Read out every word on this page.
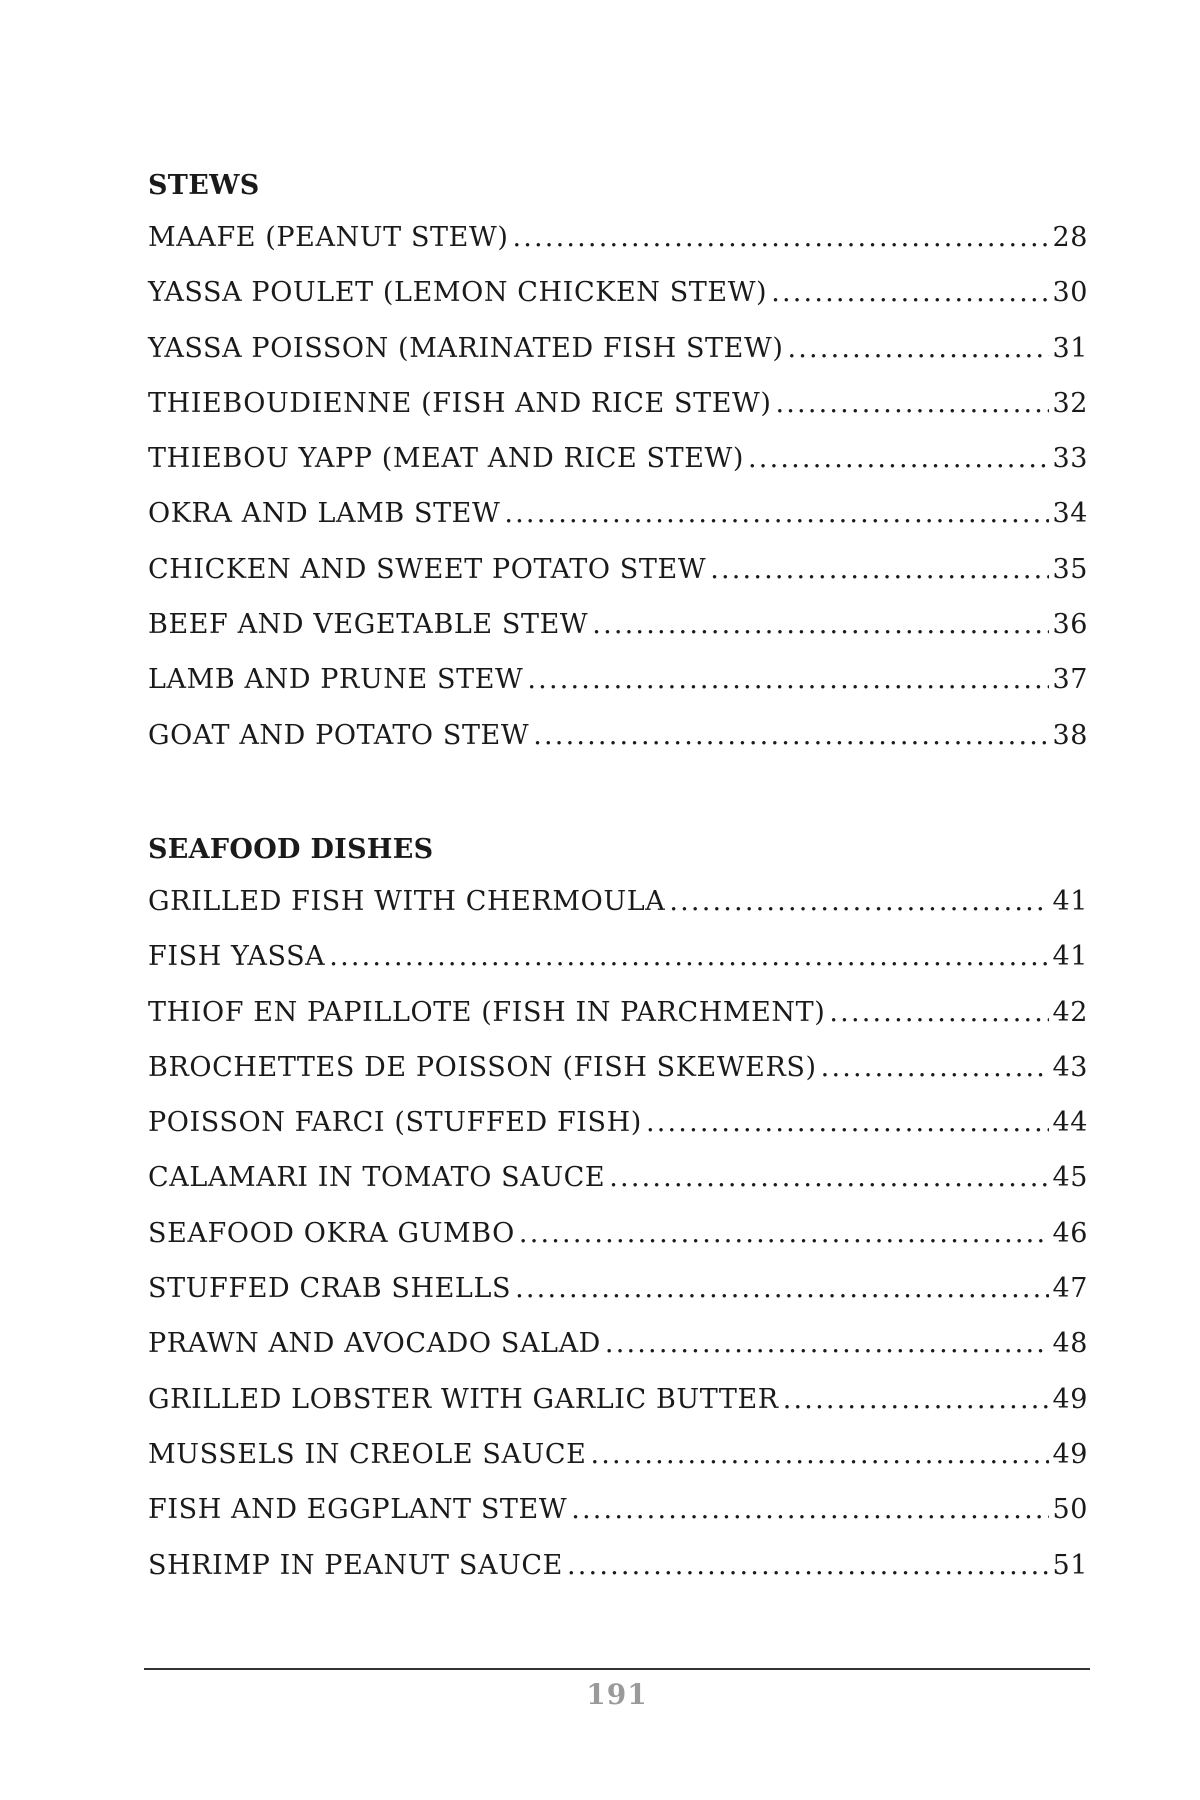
STEWS
MAAFE (PEANUT STEW) .....	28
YASSA POULET (LEMON CHICKEN STEW) .....	30
YASSA POISSON (MARINATED FISH STEW) .....	31
THIEBOUDIENNE (FISH AND RICE STEW) .....	32
THIEBOU YAPP (MEAT AND RICE STEW) .....	33
OKRA AND LAMB STEW .....	34
CHICKEN AND SWEET POTATO STEW .....	35
BEEF AND VEGETABLE STEW .....	36
LAMB AND PRUNE STEW .....	37
GOAT AND POTATO STEW .....	38
SEAFOOD DISHES
GRILLED FISH WITH CHERMOULA .....	41
FISH YASSA .....	41
THIOF EN PAPILLOTE (FISH IN PARCHMENT) .....	42
BROCHETTES DE POISSON (FISH SKEWERS) .....	43
POISSON FARCI (STUFFED FISH) .....	44
CALAMARI IN TOMATO SAUCE .....	45
SEAFOOD OKRA GUMBO .....	46
STUFFED CRAB SHELLS .....	47
PRAWN AND AVOCADO SALAD .....	48
GRILLED LOBSTER WITH GARLIC BUTTER .....	49
MUSSELS IN CREOLE SAUCE .....	49
FISH AND EGGPLANT STEW .....	50
SHRIMP IN PEANUT SAUCE .....	51
191
